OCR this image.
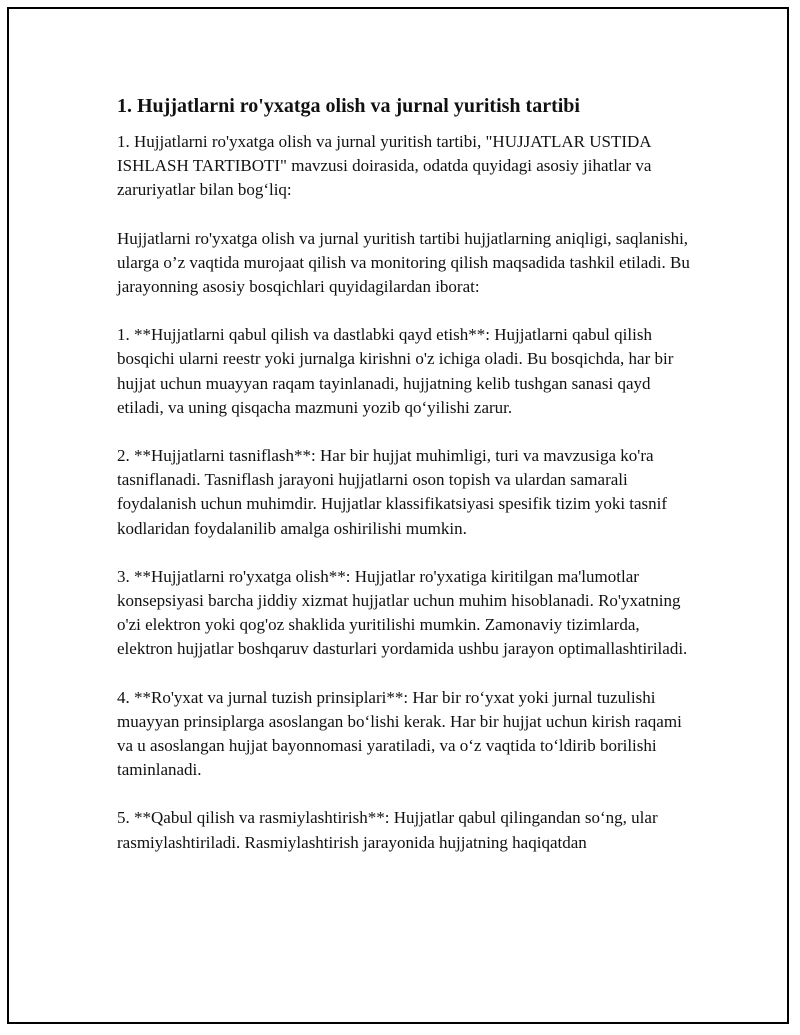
1. Hujjatlarni ro'yxatga olish va jurnal yuritish tartibi

1. Hujjatlarni ro'yxatga olish va jurnal yuritish tartibi, "HUJJATLAR USTIDA ISHLASH TARTIBOTI" mavzusi doirasida, odatda quyidagi asosiy jihatlar va zaruriyatlar bilan bog‘liq:

Hujjatlarni ro'yxatga olish va jurnal yuritish tartibi hujjatlarning aniqligi, saqlanishi, ularga o’z vaqtida murojaat qilish va monitoring qilish maqsadida tashkil etiladi. Bu jarayonning asosiy bosqichlari quyidagilardan iborat:

1. **Hujjatlarni qabul qilish va dastlabki qayd etish**: Hujjatlarni qabul qilish bosqichi ularni reestr yoki jurnalga kirishni o'z ichiga oladi. Bu bosqichda, har bir hujjat uchun muayyan raqam tayinlanadi, hujjatning kelib tushgan sanasi qayd etiladi, va uning qisqacha mazmuni yozib qo‘yilishi zarur.

2. **Hujjatlarni tasniflash**: Har bir hujjat muhimligi, turi va mavzusiga ko'ra tasniflanadi. Tasniflash jarayoni hujjatlarni oson topish va ulardan samarali foydalanish uchun muhimdir. Hujjatlar klassifikatsiyasi spesifik tizim yoki tasnif kodlaridan foydalanilib amalga oshirilishi mumkin.

3. **Hujjatlarni ro'yxatga olish**: Hujjatlar ro'yxatiga kiritilgan ma'lumotlar konsepsiyasi barcha jiddiy xizmat hujjatlar uchun muhim hisoblanadi. Ro'yxatning o'zi elektron yoki qog'oz shaklida yuritilishi mumkin. Zamonaviy tizimlarda, elektron hujjatlar boshqaruv dasturlari yordamida ushbu jarayon optimallashtiriladi.

4. **Ro'yxat va jurnal tuzish prinsiplari**: Har bir ro‘yxat yoki jurnal tuzulishi muayyan prinsiplarga asoslangan bo‘lishi kerak. Har bir hujjat uchun kirish raqami va u asoslangan hujjat bayonnomasi yaratiladi, va o‘z vaqtida to‘ldirib borilishi taminlanadi.

5. **Qabul qilish va rasmiylashtirish**: Hujjatlar qabul qilingandan so‘ng, ular rasmiylashtiriladi. Rasmiylashtirish jarayonida hujjatning haqiqatdan
